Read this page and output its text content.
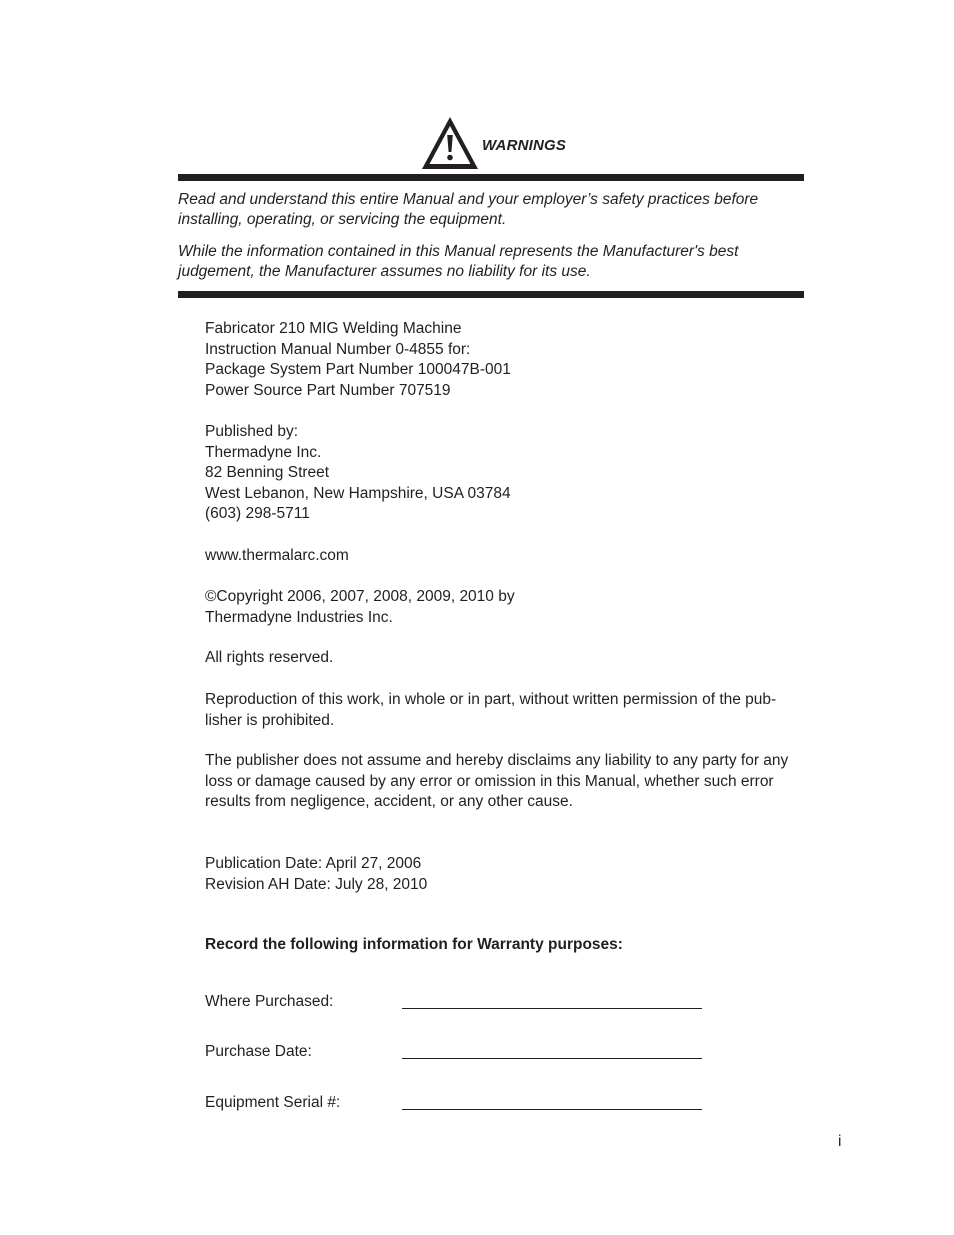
WARNINGS

Read and understand this entire Manual and your employer’s safety practices before installing, operating, or servicing the equipment.

While the information contained in this Manual represents the Manufacturer's best judgement, the Manufacturer assumes no liability for its use.

Fabricator 210 MIG Welding Machine
Instruction Manual Number 0-4855 for:
Package System Part Number 100047B-001
Power Source Part Number 707519
Published by:
Thermadyne Inc.
82 Benning Street
West Lebanon, New Hampshire, USA 03784
(603) 298-5711
www.thermalarc.com
©Copyright 2006, 2007, 2008, 2009, 2010 by
Thermadyne Industries Inc.
All rights reserved.
Reproduction of this work, in whole or in part, without written permission of the pub-
lisher is prohibited.
The publisher does not assume and hereby disclaims any liability to any party for any
loss or damage caused by any error or omission in this Manual, whether such error
results from negligence, accident, or any other cause.
Publication Date: April 27, 2006
Revision AH Date: July 28, 2010
Record the following information for Warranty purposes:
Where Purchased:
Purchase Date:
Equipment Serial #:
i
